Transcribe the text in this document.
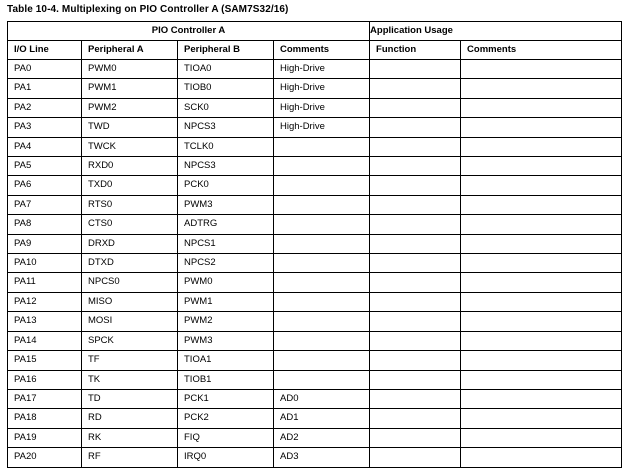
Table 10-4. Multiplexing on PIO Controller A (SAM7S32/16)
PIO Controller A				Application Usage	
I/O Line	Peripheral A	Peripheral B	Comments	Function	Comments
PA0	PWM0	TIOA0	High-Drive		
PA1	PWM1	TIOB0	High-Drive		
PA2	PWM2	SCK0	High-Drive		
PA3	TWD	NPCS3	High-Drive		
PA4	TWCK	TCLK0			
PA5	RXD0	NPCS3			
PA6	TXD0	PCK0			
PA7	RTS0	PWM3			
PA8	CTS0	ADTRG			
PA9	DRXD	NPCS1			
PA10	DTXD	NPCS2			
PA11	NPCS0	PWM0			
PA12	MISO	PWM1			
PA13	MOSI	PWM2			
PA14	SPCK	PWM3			
PA15	TF	TIOA1			
PA16	TK	TIOB1			
PA17	TD	PCK1	AD0		
PA18	RD	PCK2	AD1		
PA19	RK	FIQ	AD2		
PA20	RF	IRQ0	AD3		
